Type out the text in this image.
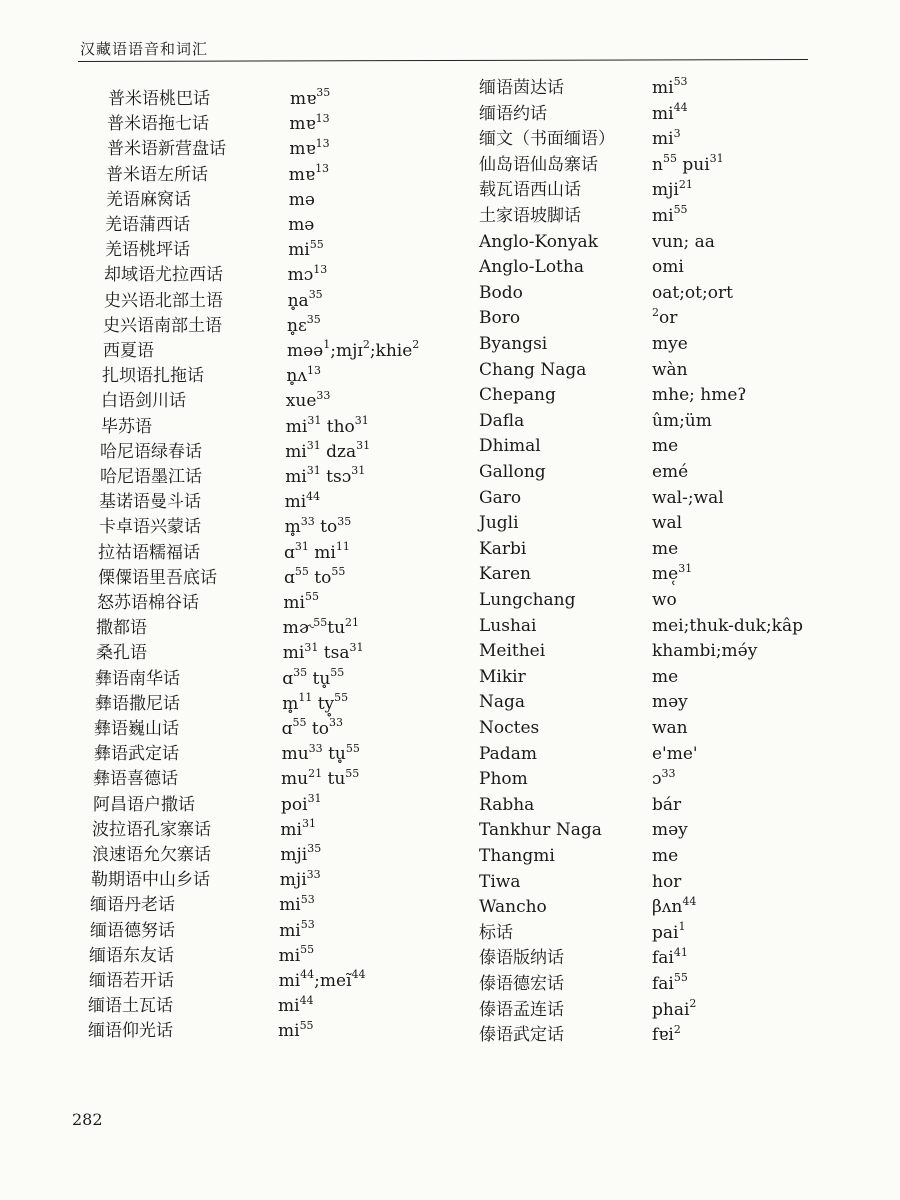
汉藏语语音和词汇
普米语桃巴话	mɐ$^{35}$
普米语拖七话	mɐ$^{13}$
普米语新营盘话	mɐ$^{13}$
普米语左所话	mɐ$^{13}$
羌语麻窝话	mə
羌语蒲西话	mə
羌语桃坪话	$mi^{55}$
却域语尤拉西话	mɔ$^{13}$
史兴语北部土语	$n̥a^{35}$
史兴语南部土语	n̥ɛ$^{35}$
西夏语	məə$^1$;mjɪ$^2$;khie$^2$
扎坝语扎拖话	n̥ʌ$^{13}$
白语剑川话	xue$^{33}$
毕苏语	$mi^{31}$ tho$^{31}$
哈尼语绿春话	$mi^{31}$ dza$^{31}$
哈尼语墨江话	$mi^{31}$ tsɔ$^{31}$
基诺语曼斗话	$mi^{44}$
卡卓语兴蒙话	m̥$^{33}$ $to^{35}$
拉祜语糯福话	ɑ$^{31}$ $mi^{11}$
傈僳语里吾底话	ɑ$^{55}$ $to^{55}$
怒苏语棉谷话	$mi^{55}$
撒都语	$mɚ^{55}tu^{21}$
桑孔语	$mi^{31}$ tsa$^{31}$
彝语南华话	ɑ$^{35}$ tu̥$^{55}$
彝语撒尼话	m̥$^{11}$ ty̥$^{55}$
彝语巍山话	ɑ$^{55}$ $to^{33}$
彝语武定话	$mu^{33}$ tu̥$^{55}$
彝语喜德话	$mu^{21}$ $tu^{55}$
阿昌语户撒话	poi$^{31}$
波拉语孔家寨话	$mi^{31}$
浪速语允欠寨话	mji$^{35}$
勒期语中山乡话	mji$^{33}$
缅语丹老话	$mi^{53}$
缅语德努话	$mi^{53}$
缅语东友话	$mi^{55}$
缅语若开话	$mi^{44};meĩ^{44}$
缅语土瓦话	$mi^{44}$
缅语仰光话	$mi^{55}$
缅语茵达话	$mi^{53}$
缅语约话	$mi^{44}$
缅文（书面缅语） $mi^3$
仙岛语仙岛寨话	$n^{55}$ pui$^{31}$
载瓦语西山话	mji$^{21}$
土家语坡脚话	$mi^{55}$
Anglo-Konyak	vun; aa
Anglo-Lotha	omi
Bodo	oat;ot;ort
Boro	$^2$or
Byangsi	mye
Chang Naga	wàn
Chepang	mhe; hmeʔ
Dafla	ûm;üm
Dhimal	me
Gallong	emé
Garo	wal-;wal
Jugli	wal
Karbi	me
Karen	me̜$^{31}$
Lungchang	wo
Lushai	mei;thuk-duk;kâp
Meithei	khambi;mə́y
Mikir	me
Naga	məy
Noctes	wan
Padam	e'me'
Phom	ɔ$^{33}$
Rabha	bár
Tankhur Naga	məy
Thangmi	me
Tiwa	hor
Wancho	βʌn$^{44}$
标话	pai$^1$
傣语版纳话	fai$^{41}$
傣语德宏话	fai$^{55}$
傣语孟连话	phai$^2$
傣语武定话	fɐi$^2$
282
